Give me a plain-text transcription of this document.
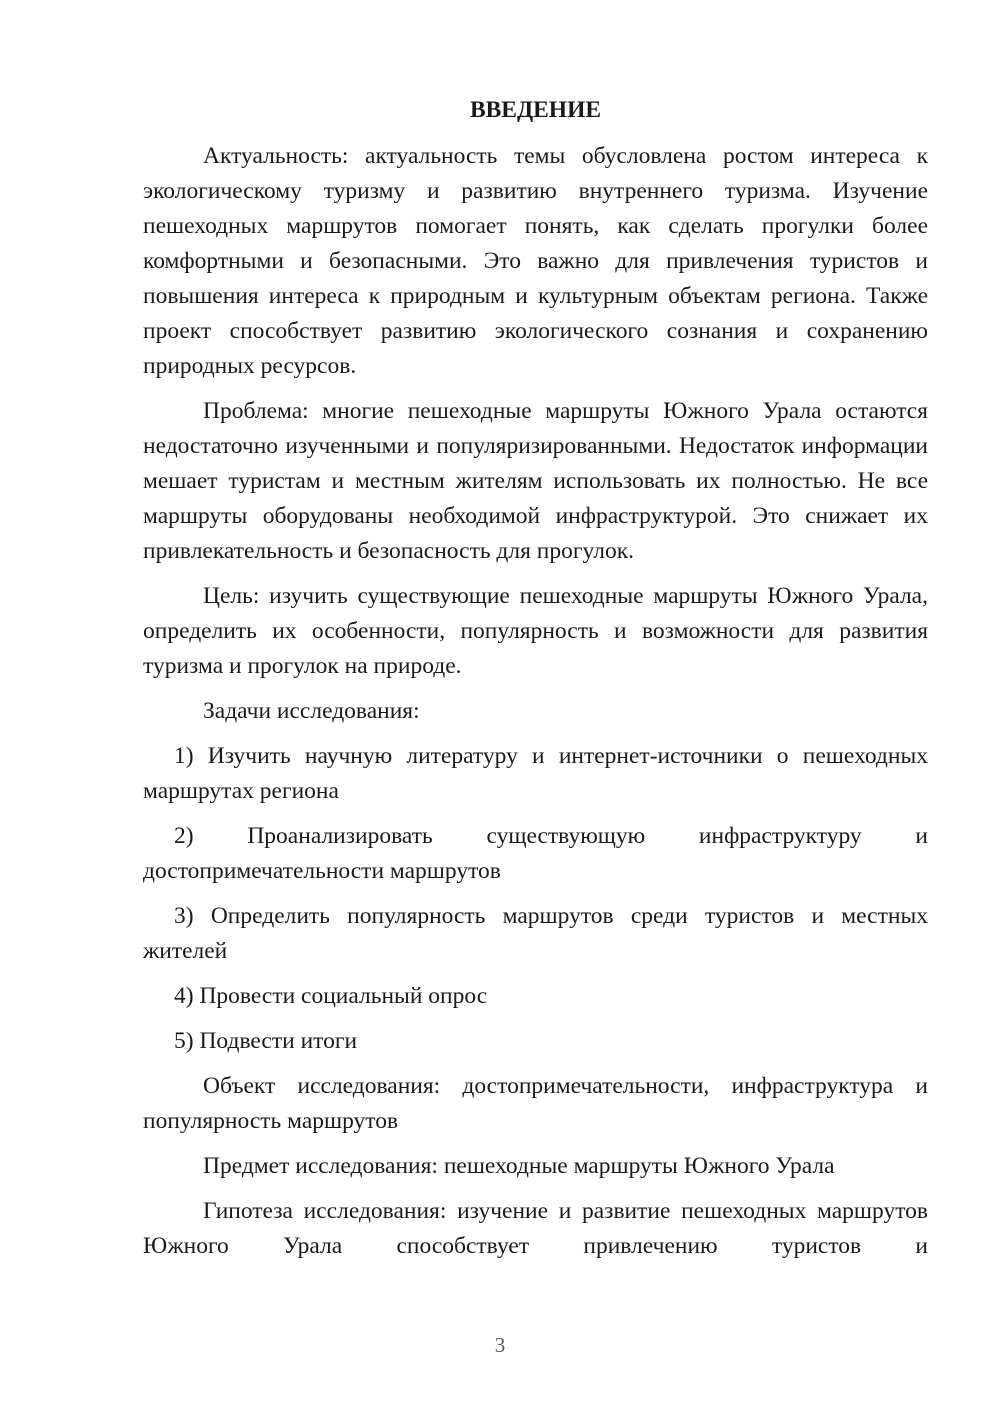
ВВЕДЕНИЕ

Актуальность: актуальность темы обусловлена ростом интереса к экологическому туризму и развитию внутреннего туризма. Изучение пешеходных маршрутов помогает понять, как сделать прогулки более комфортными и безопасными. Это важно для привлечения туристов и повышения интереса к природным и культурным объектам региона. Также проект способствует развитию экологического сознания и сохранению природных ресурсов.

Проблема: многие пешеходные маршруты Южного Урала остаются недостаточно изученными и популяризированными. Недостаток информации мешает туристам и местным жителям использовать их полностью. Не все маршруты оборудованы необходимой инфраструктурой. Это снижает их привлекательность и безопасность для прогулок.

Цель: изучить существующие пешеходные маршруты Южного Урала, определить их особенности, популярность и возможности для развития туризма и прогулок на природе.

Задачи исследования:

1) Изучить научную литературу и интернет-источники о пешеходных маршрутах региона

2) Проанализировать существующую инфраструктуру и достопримечательности маршрутов

3) Определить популярность маршрутов среди туристов и местных жителей

4) Провести социальный опрос

5) Подвести итоги

Объект исследования: достопримечательности, инфраструктура и популярность маршрутов

Предмет исследования: пешеходные маршруты Южного Урала

Гипотеза исследования: изучение и развитие пешеходных маршрутов Южного Урала способствует привлечению туристов и

3
